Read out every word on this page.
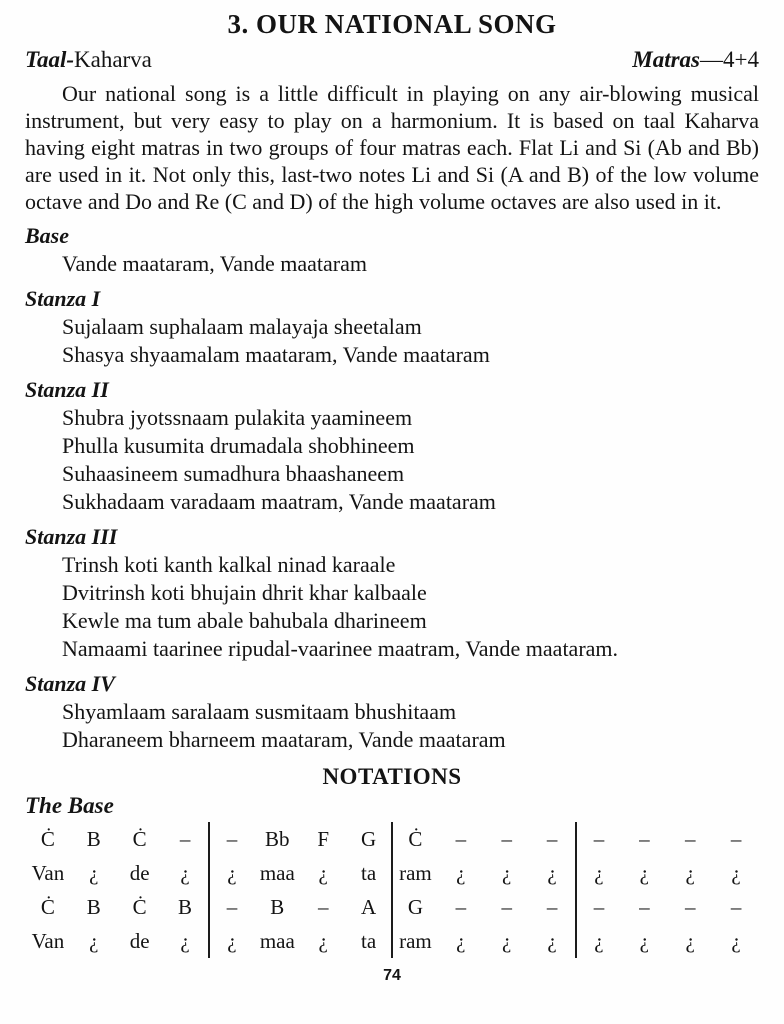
3. OUR NATIONAL SONG
Taal-Kaharva	Matras—4+4

Our national song is a little difficult in playing on any air-blowing musical instrument, but very easy to play on a harmonium. It is based on taal Kaharva having eight matras in two groups of four matras each. Flat Li and Si (Ab and Bb) are used in it. Not only this, last-two notes Li and Si (A and B) of the low volume octave and Do and Re (C and D) of the high volume octaves are also used in it.

Base
Vande maataram, Vande maataram
Stanza I
Sujalaam suphalaam malayaja sheetalam
Shasya shyaamalam maataram, Vande maataram
Stanza II
Shubra jyotssnaam pulakita yaamineem
Phulla kusumita drumadala shobhineem
Suhaasineem sumadhura bhaashaneem
Sukhadaam varadaam maatram, Vande maataram
Stanza III
Trinsh koti kanth kalkal ninad karaale
Dvitrinsh koti bhujain dhrit khar kalbaale
Kewle ma tum abale bahubala dharineem
Namaami taarinee ripudal-vaarinee maatram, Vande maataram.
Stanza IV
Shyamlaam saralaam susmitaam bhushitaam
Dharaneem bharneem maataram, Vande maataram
NOTATIONS
The Base
Ċ	B	Ċ	–	–	Bb	F	G	Ċ	–	–	–	–	–	–	–
Van	¿	de	¿	¿	maa	¿	ta	ram	¿	¿	¿	¿	¿	¿	¿
Ċ	B	Ċ	B	–	B	–	A	G	–	–	–	–	–	–	–
Van	¿	de	¿	¿	maa	¿	ta	ram	¿	¿	¿	¿	¿	¿	¿
74
